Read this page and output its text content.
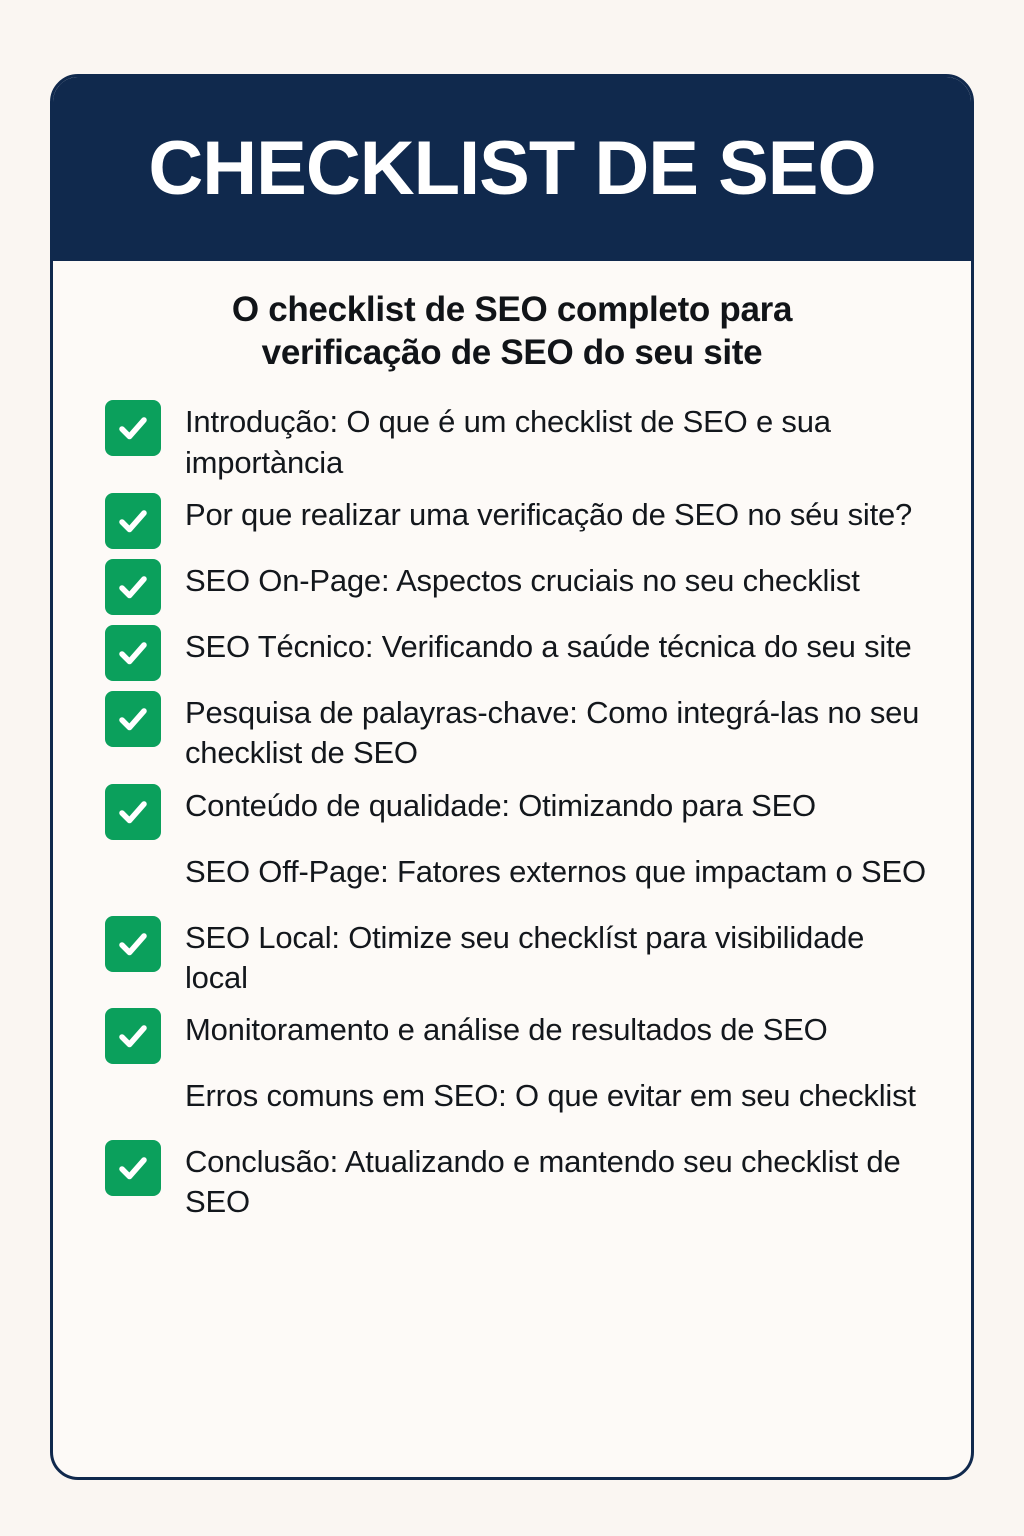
CHECKLIST DE SEO

O checklist de SEO completo para verificação de SEO do seu site

Introdução: O que é um checklist de SEO e sua importància
Por que realizar uma verificação de SEO no séu site?
SEO On-Page: Aspectos cruciais no seu checklist
SEO Técnico: Verificando a saúde técnica do seu site
Pesquisa de palayras-chave: Como integrá-las no seu checklist de SEO
Conteúdo de qualidade: Otimizando para SEO
SEO Off-Page: Fatores externos que impactam o SEO
SEO Local: Otimize seu checklíst para visibilidade local
Monitoramento e análise de resultados de SEO
Erros comuns em SEO: O que evitar em seu checklist
Conclusão: Atualizando e mantendo seu checklist de SEO
